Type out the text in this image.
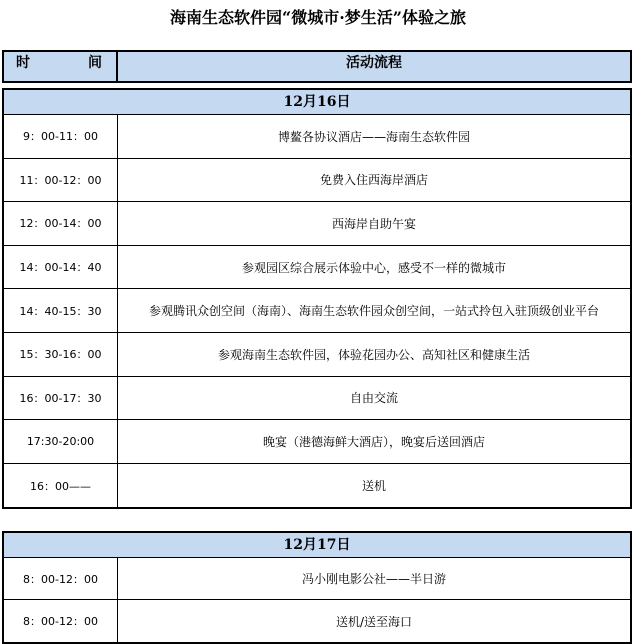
海南生态软件园“微城市·梦生活”体验之旅
时	间	活动流程
12月16日
9：00-11：00	博鳌各协议酒店——海南生态软件园
11：00-12：00	免费入住西海岸酒店
12：00-14：00	西海岸自助午宴
14：00-14：40	参观园区综合展示体验中心，感受不一样的微城市
14：40-15：30	参观腾讯众创空间（海南）、海南生态软件园众创空间，一站式拎包入驻顶级创业平台
15：30-16：00	参观海南生态软件园，体验花园办公、高知社区和健康生活
16：00-17：30	自由交流
17:30-20:00	晚宴（港德海鲜大酒店），晚宴后送回酒店
16：00——	送机
12月17日
8：00-12：00	冯小刚电影公社——半日游
8：00-12：00	送机/送至海口
